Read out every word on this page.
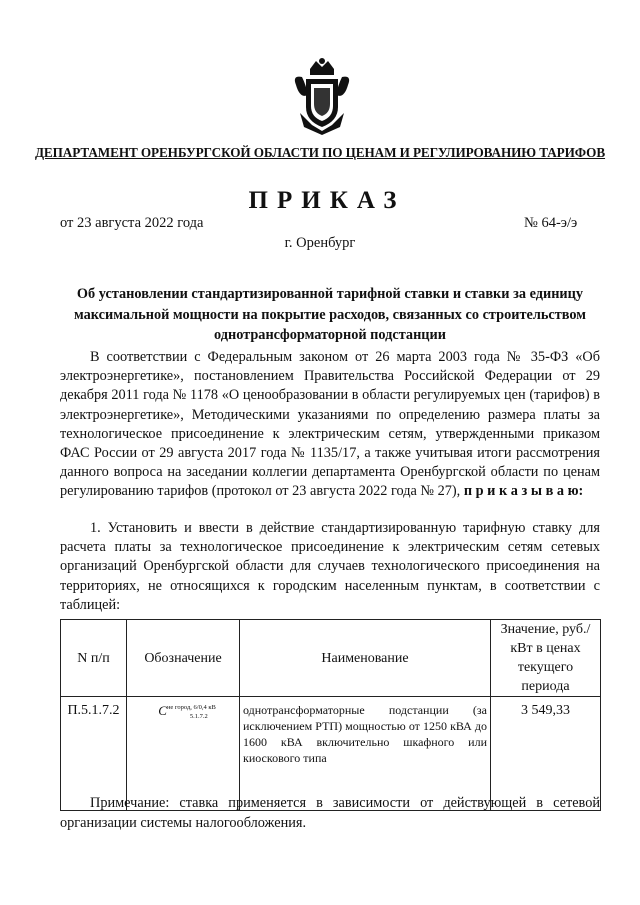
ДЕПАРТАМЕНТ ОРЕНБУРГСКОЙ ОБЛАСТИ ПО ЦЕНАМ И РЕГУЛИРОВАНИЮ ТАРИФОВ
ПРИКАЗ
от 23 августа 2022 года	№ 64-э/э
г. Оренбург
Об установлении стандартизированной тарифной ставки и ставки за единицу максимальной мощности на покрытие расходов, связанных со строительством однотрансформаторной подстанции
В соответствии с Федеральным законом от 26 марта 2003 года № 35-ФЗ «Об электроэнергетике», постановлением Правительства Российской Федерации от 29 декабря 2011 года № 1178 «О ценообразовании в области регулируемых цен (тарифов) в электроэнергетике», Методическими указаниями по определению размера платы за технологическое присоединение к электрическим сетям, утвержденными приказом ФАС России от 29 августа 2017 года № 1135/17, а также учитывая итоги рассмотрения данного вопроса на заседании коллегии департамента Оренбургской области по ценам регулированию тарифов (протокол от 23 августа 2022 года № 27), п р и к а з ы в а ю:
1. Установить и ввести в действие стандартизированную тарифную ставку для расчета платы за технологическое присоединение к электрическим сетям сетевых организаций Оренбургской области для случаев технологического присоединения на территориях, не относящихся к городским населенным пунктам, в соответствии с таблицей:
N п/п	Обозначение	Наименование	Значение, руб./кВт в ценах текущего периода
П.5.1.7.2	$C^{не город, 6/0,4 кВ}_{5.1.7.2}$	однотрансформаторные подстанции (за исключением РТП) мощностью от 1250 кВА до 1600 кВА включительно шкафного или киоскового типа	3 549,33
Примечание: ставка применяется в зависимости от действующей в сетевой организации системы налогообложения.
